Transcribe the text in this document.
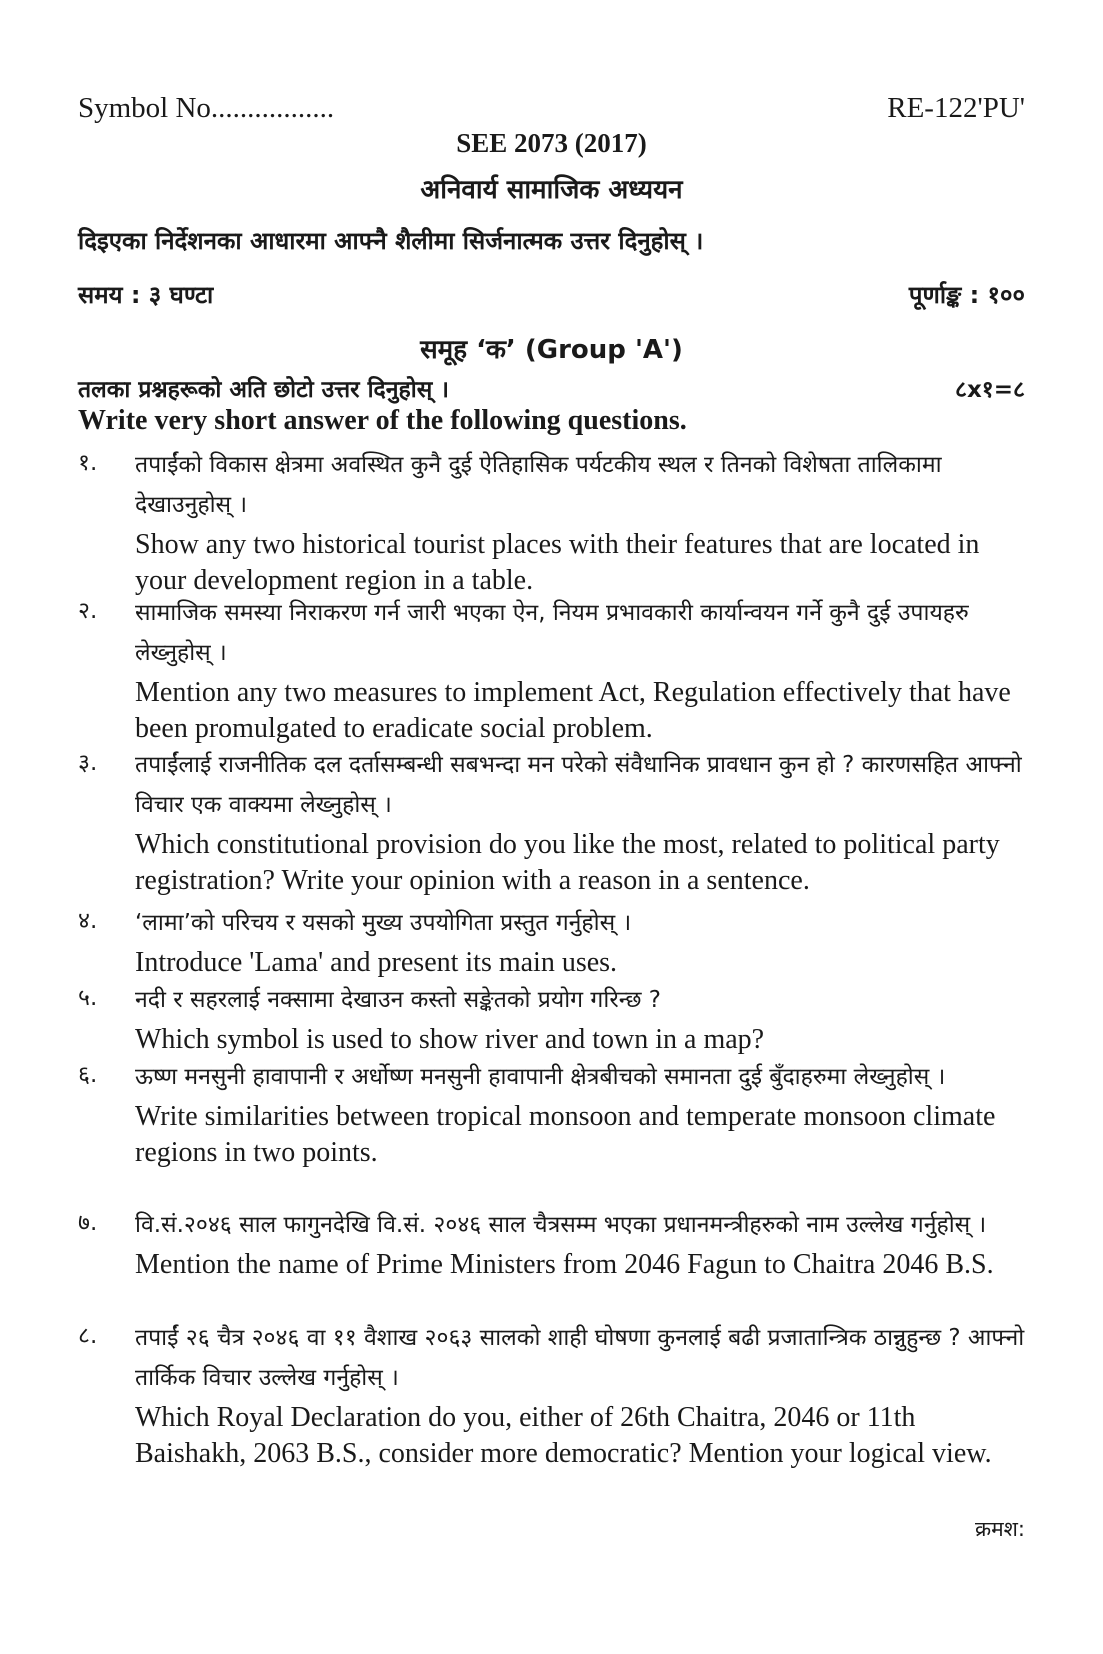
Symbol No.................	RE-122'PU'
SEE 2073 (2017)
अनिवार्य सामाजिक अध्ययन
दिइएका निर्देशनका आधारमा आफ्नै शैलीमा सिर्जनात्मक उत्तर दिनुहोस् ।
समय : ३ घण्टा	पूर्णाङ्क : १००
समूह ‘क’ (Group 'A')
तलका प्रश्नहरूको अति छोटो उत्तर दिनुहोस् ।	८x१=८
Write very short answer of the following questions.
१.	तपाईंको विकास क्षेत्रमा अवस्थित कुनै दुई ऐतिहासिक पर्यटकीय स्थल र तिनको विशेषता तालिकामा देखाउनुहोस् ।
Show any two historical tourist places with their features that are located in your development region in a table.
२.	सामाजिक समस्या निराकरण गर्न जारी भएका ऐन, नियम प्रभावकारी कार्यान्वयन गर्ने कुनै दुई उपायहरु लेख्नुहोस् ।
Mention any two measures to implement Act, Regulation effectively that have been promulgated to eradicate social problem.
३.	तपाईंलाई राजनीतिक दल दर्तासम्बन्धी सबभन्दा मन परेको संवैधानिक प्रावधान कुन हो ? कारणसहित आफ्नो विचार एक वाक्यमा लेख्नुहोस् ।
Which constitutional provision do you like the most, related to political party registration? Write your opinion with a reason in a sentence.
४.	‘लामा’को परिचय र यसको मुख्य उपयोगिता प्रस्तुत गर्नुहोस् ।
Introduce 'Lama' and present its main uses.
५.	नदी र सहरलाई नक्सामा देखाउन कस्तो सङ्केतको प्रयोग गरिन्छ ?
Which symbol is used to show river and town in a map?
६.	ऊष्ण मनसुनी हावापानी र अर्धोष्ण मनसुनी हावापानी क्षेत्रबीचको समानता दुई बुँदाहरुमा लेख्नुहोस् ।
Write similarities between tropical monsoon and temperate monsoon climate regions in two points.
७.	वि.सं.२०४६ साल फागुनदेखि वि.सं. २०४६ साल चैत्रसम्म भएका प्रधानमन्त्रीहरुको नाम उल्लेख गर्नुहोस् ।
Mention the name of Prime Ministers from 2046 Fagun to Chaitra 2046 B.S.
८.	तपाईं २६ चैत्र २०४६ वा ११ वैशाख २०६३ सालको शाही घोषणा कुनलाई बढी प्रजातान्त्रिक ठान्नुहुन्छ ? आफ्नो तार्किक विचार उल्लेख गर्नुहोस् ।
Which Royal Declaration do you, either of 26th Chaitra, 2046 or 11th Baishakh, 2063 B.S., consider more democratic? Mention your logical view.
क्रमश:
